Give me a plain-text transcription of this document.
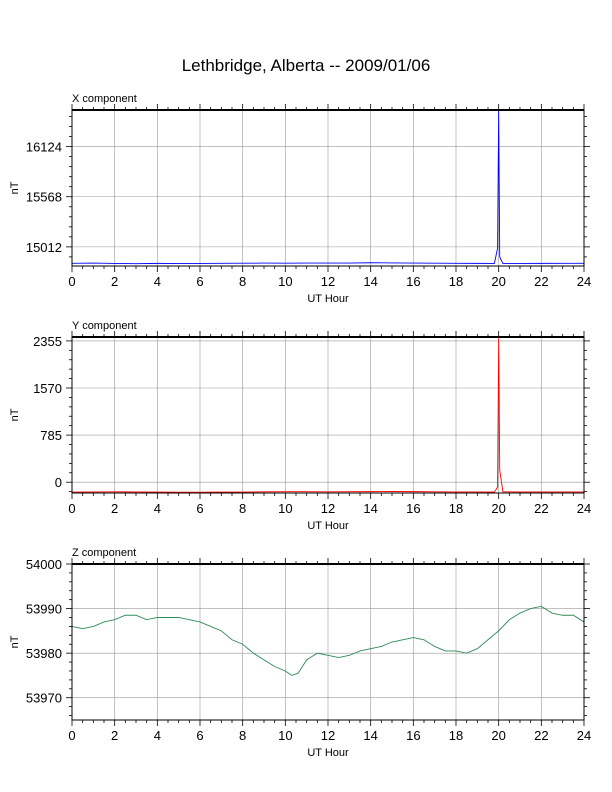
Lethbridge, Alberta -- 2009/01/06
X component
0	2	4	6	8 10 12 14 16 18 20 22 24
15012
15568
16124
UT Hour
nT
Y component
0	2	4	6	8 10 12 14 16 18 20 22 24
0
785
1570
2355
UT Hour
nT
Z component
0	2	4	6	8 10 12 14 16 18 20 22 24
53970
53980
53990
54000
UT Hour
nT
